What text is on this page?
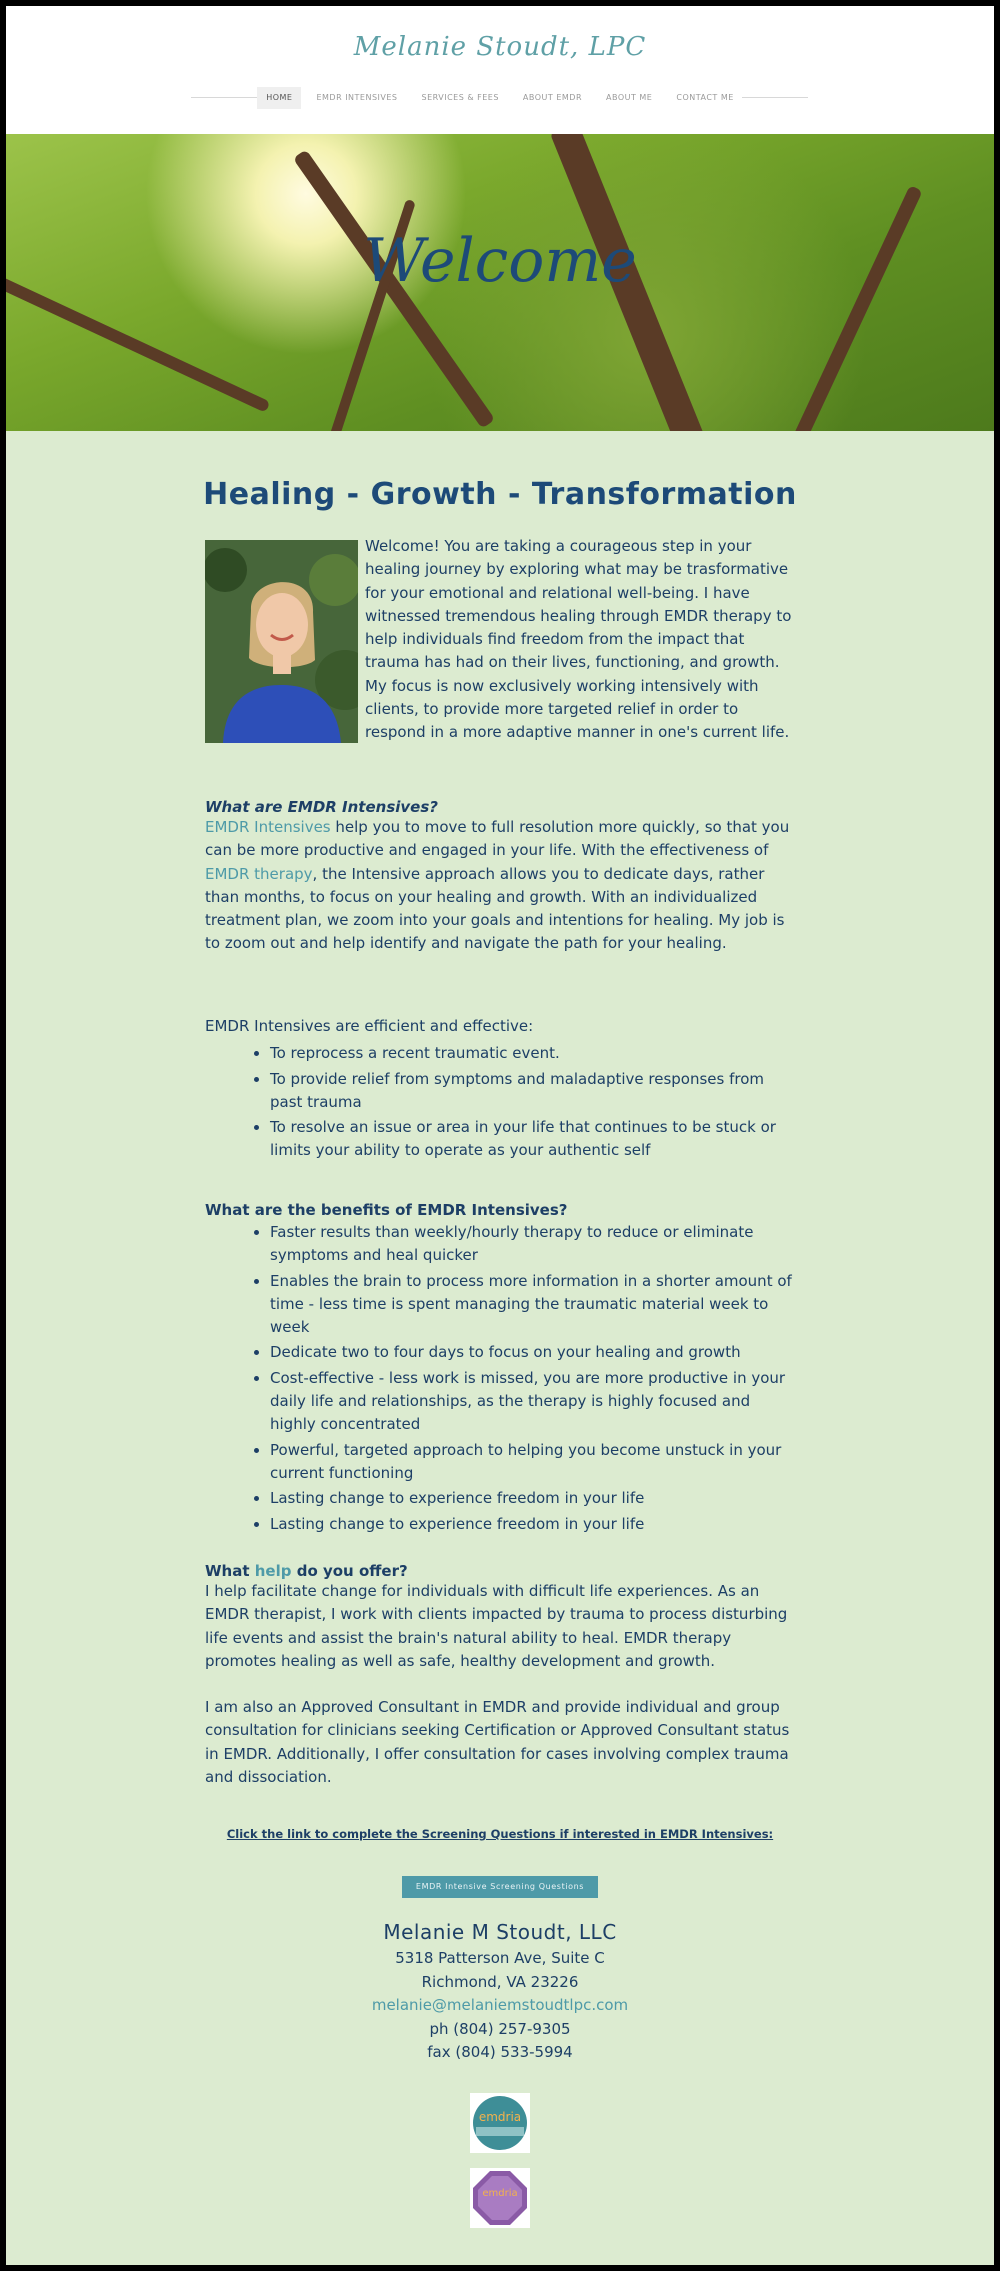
Melanie Stoudt, LPC
HOME	EMDR INTENSIVES	SERVICES & FEES	ABOUT EMDR	ABOUT ME	CONTACT ME
Welcome
Healing - Growth - Transformation
Welcome! You are taking a courageous step in your healing journey by exploring what may be trasformative for your emotional and relational well-being. I have witnessed tremendous healing through EMDR therapy to help individuals find freedom from the impact that trauma has had on their lives, functioning, and growth. My focus is now exclusively working intensively with clients, to provide more targeted relief in order to respond in a more adaptive manner in one's current life.
What are EMDR Intensives?
EMDR Intensives help you to move to full resolution more quickly, so that you can be more productive and engaged in your life. With the effectiveness of EMDR therapy, the Intensive approach allows you to dedicate days, rather than months, to focus on your healing and growth. With an individualized treatment plan, we zoom into your goals and intentions for healing. My job is to zoom out and help identify and navigate the path for your healing.
EMDR Intensives are efficient and effective:
• To reprocess a recent traumatic event.
• To provide relief from symptoms and maladaptive responses from past trauma
• To resolve an issue or area in your life that continues to be stuck or limits your ability to operate as your authentic self
What are the benefits of EMDR Intensives?
• Faster results than weekly/hourly therapy to reduce or eliminate symptoms and heal quicker
• Enables the brain to process more information in a shorter amount of time - less time is spent managing the traumatic material week to week
• Dedicate two to four days to focus on your healing and growth
• Cost-effective - less work is missed, you are more productive in your daily life and relationships, as the therapy is highly focused and highly concentrated
• Powerful, targeted approach to helping you become unstuck in your current functioning
• Lasting change to experience freedom in your life
• Lasting change to experience freedom in your life
What help do you offer?
I help facilitate change for individuals with difficult life experiences. As an EMDR therapist, I work with clients impacted by trauma to process disturbing life events and assist the brain's natural ability to heal. EMDR therapy promotes healing as well as safe, healthy development and growth.
I am also an Approved Consultant in EMDR and provide individual and group consultation for clinicians seeking Certification or Approved Consultant status in EMDR. Additionally, I offer consultation for cases involving complex trauma and dissociation.
Click the link to complete the Screening Questions if interested in EMDR Intensives:
EMDR Intensive Screening Questions
Melanie M Stoudt, LLC
5318 Patterson Ave, Suite C
Richmond, VA 23226
melanie@melaniemstoudtlpc.com
ph (804) 257-9305
fax (804) 533-5994
emdria
emdria
